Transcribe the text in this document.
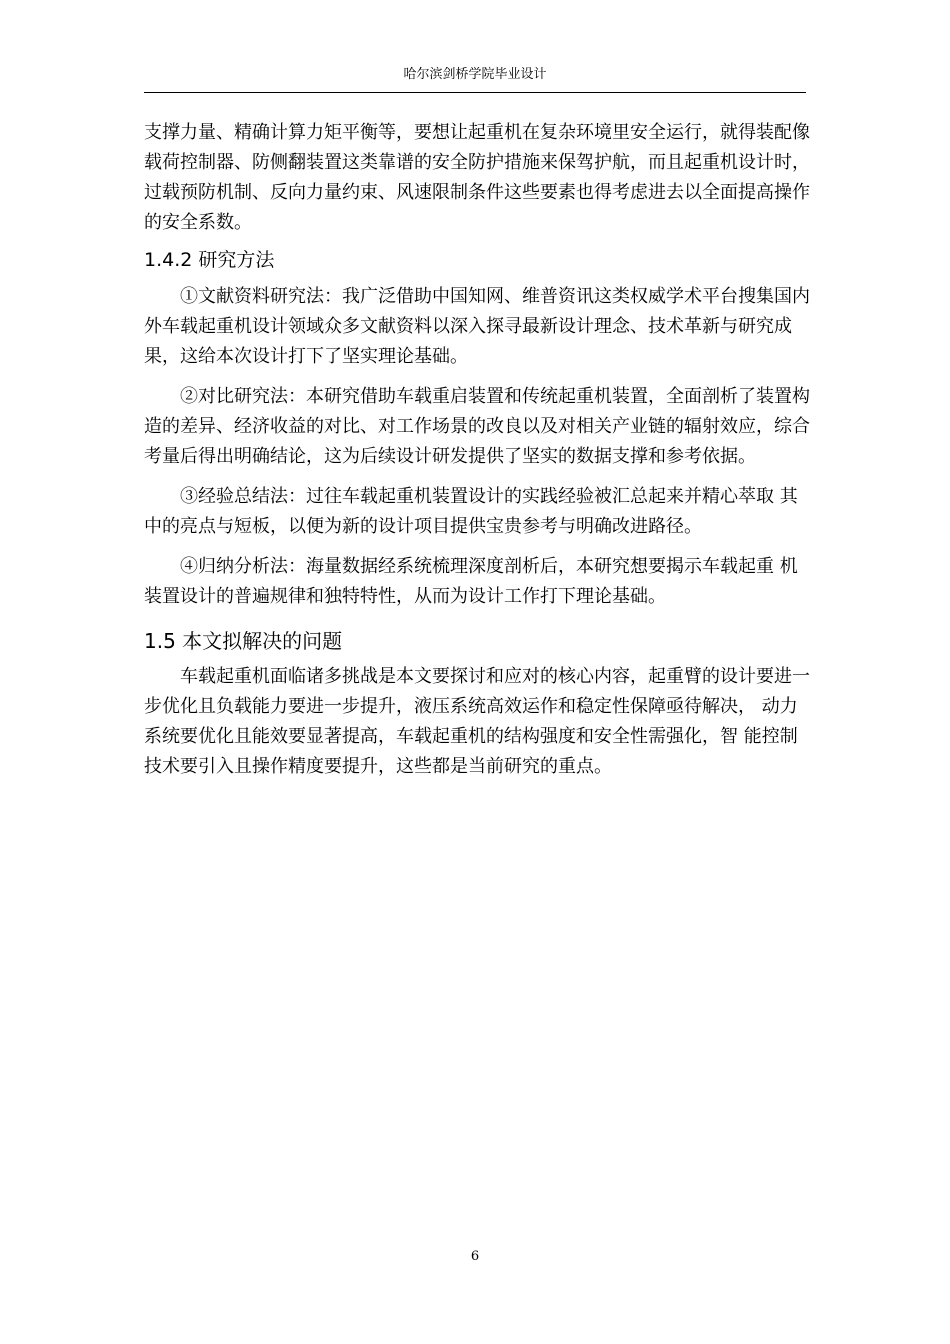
哈尔滨剑桥学院毕业设计

支撑力量、精确计算力矩平衡等，要想让起重机在复杂环境里安全运行，就得装配像载荷控制器、防侧翻装置这类靠谱的安全防护措施来保驾护航，而且起重机设计时，过载预防机制、反向力量约束、风速限制条件这些要素也得考虑进去以全面提高操作的安全系数。

1.4.2 研究方法

①文献资料研究法：我广泛借助中国知网、维普资讯这类权威学术平台搜集国内外车载起重机设计领域众多文献资料以深入探寻最新设计理念、技术革新与研究成果，这给本次设计打下了坚实理论基础。

②对比研究法：本研究借助车载重启装置和传统起重机装置，全面剖析了装置构造的差异、经济收益的对比、对工作场景的改良以及对相关产业链的辐射效应，综合考量后得出明确结论，这为后续设计研发提供了坚实的数据支撑和参考依据。

③经验总结法：过往车载起重机装置设计的实践经验被汇总起来并精心萃取 其中的亮点与短板，以便为新的设计项目提供宝贵参考与明确改进路径。

④归纳分析法：海量数据经系统梳理深度剖析后，本研究想要揭示车载起重 机装置设计的普遍规律和独特特性，从而为设计工作打下理论基础。

1.5 本文拟解决的问题

车载起重机面临诸多挑战是本文要探讨和应对的核心内容，起重臂的设计要进一步优化且负载能力要进一步提升，液压系统高效运作和稳定性保障亟待解决， 动力系统要优化且能效要显著提高，车载起重机的结构强度和安全性需强化，智 能控制技术要引入且操作精度要提升，这些都是当前研究的重点。

6
